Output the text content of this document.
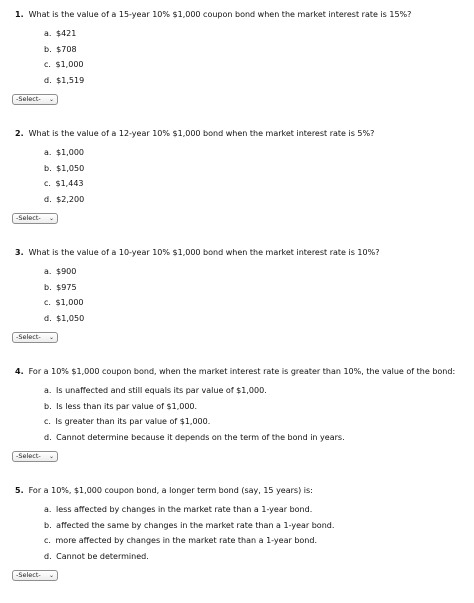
1. What is the value of a 15-year 10% $1,000 coupon bond when the market interest rate is 15%?
a. $421
b. $708
c. $1,000
d. $1,519
-Select- ⌄
2. What is the value of a 12-year 10% $1,000 bond when the market interest rate is 5%?
a. $1,000
b. $1,050
c. $1,443
d. $2,200
-Select- ⌄
3. What is the value of a 10-year 10% $1,000 bond when the market interest rate is 10%?
a. $900
b. $975
c. $1,000
d. $1,050
-Select- ⌄
4. For a 10% $1,000 coupon bond, when the market interest rate is greater than 10%, the value of the bond:
a. Is unaffected and still equals its par value of $1,000.
b. Is less than its par value of $1,000.
c. Is greater than its par value of $1,000.
d. Cannot determine because it depends on the term of the bond in years.
-Select- ⌄
5. For a 10%, $1,000 coupon bond, a longer term bond (say, 15 years) is:
a. less affected by changes in the market rate than a 1-year bond.
b. affected the same by changes in the market rate than a 1-year bond.
c. more affected by changes in the market rate than a 1-year bond.
d. Cannot be determined.
-Select- ⌄
